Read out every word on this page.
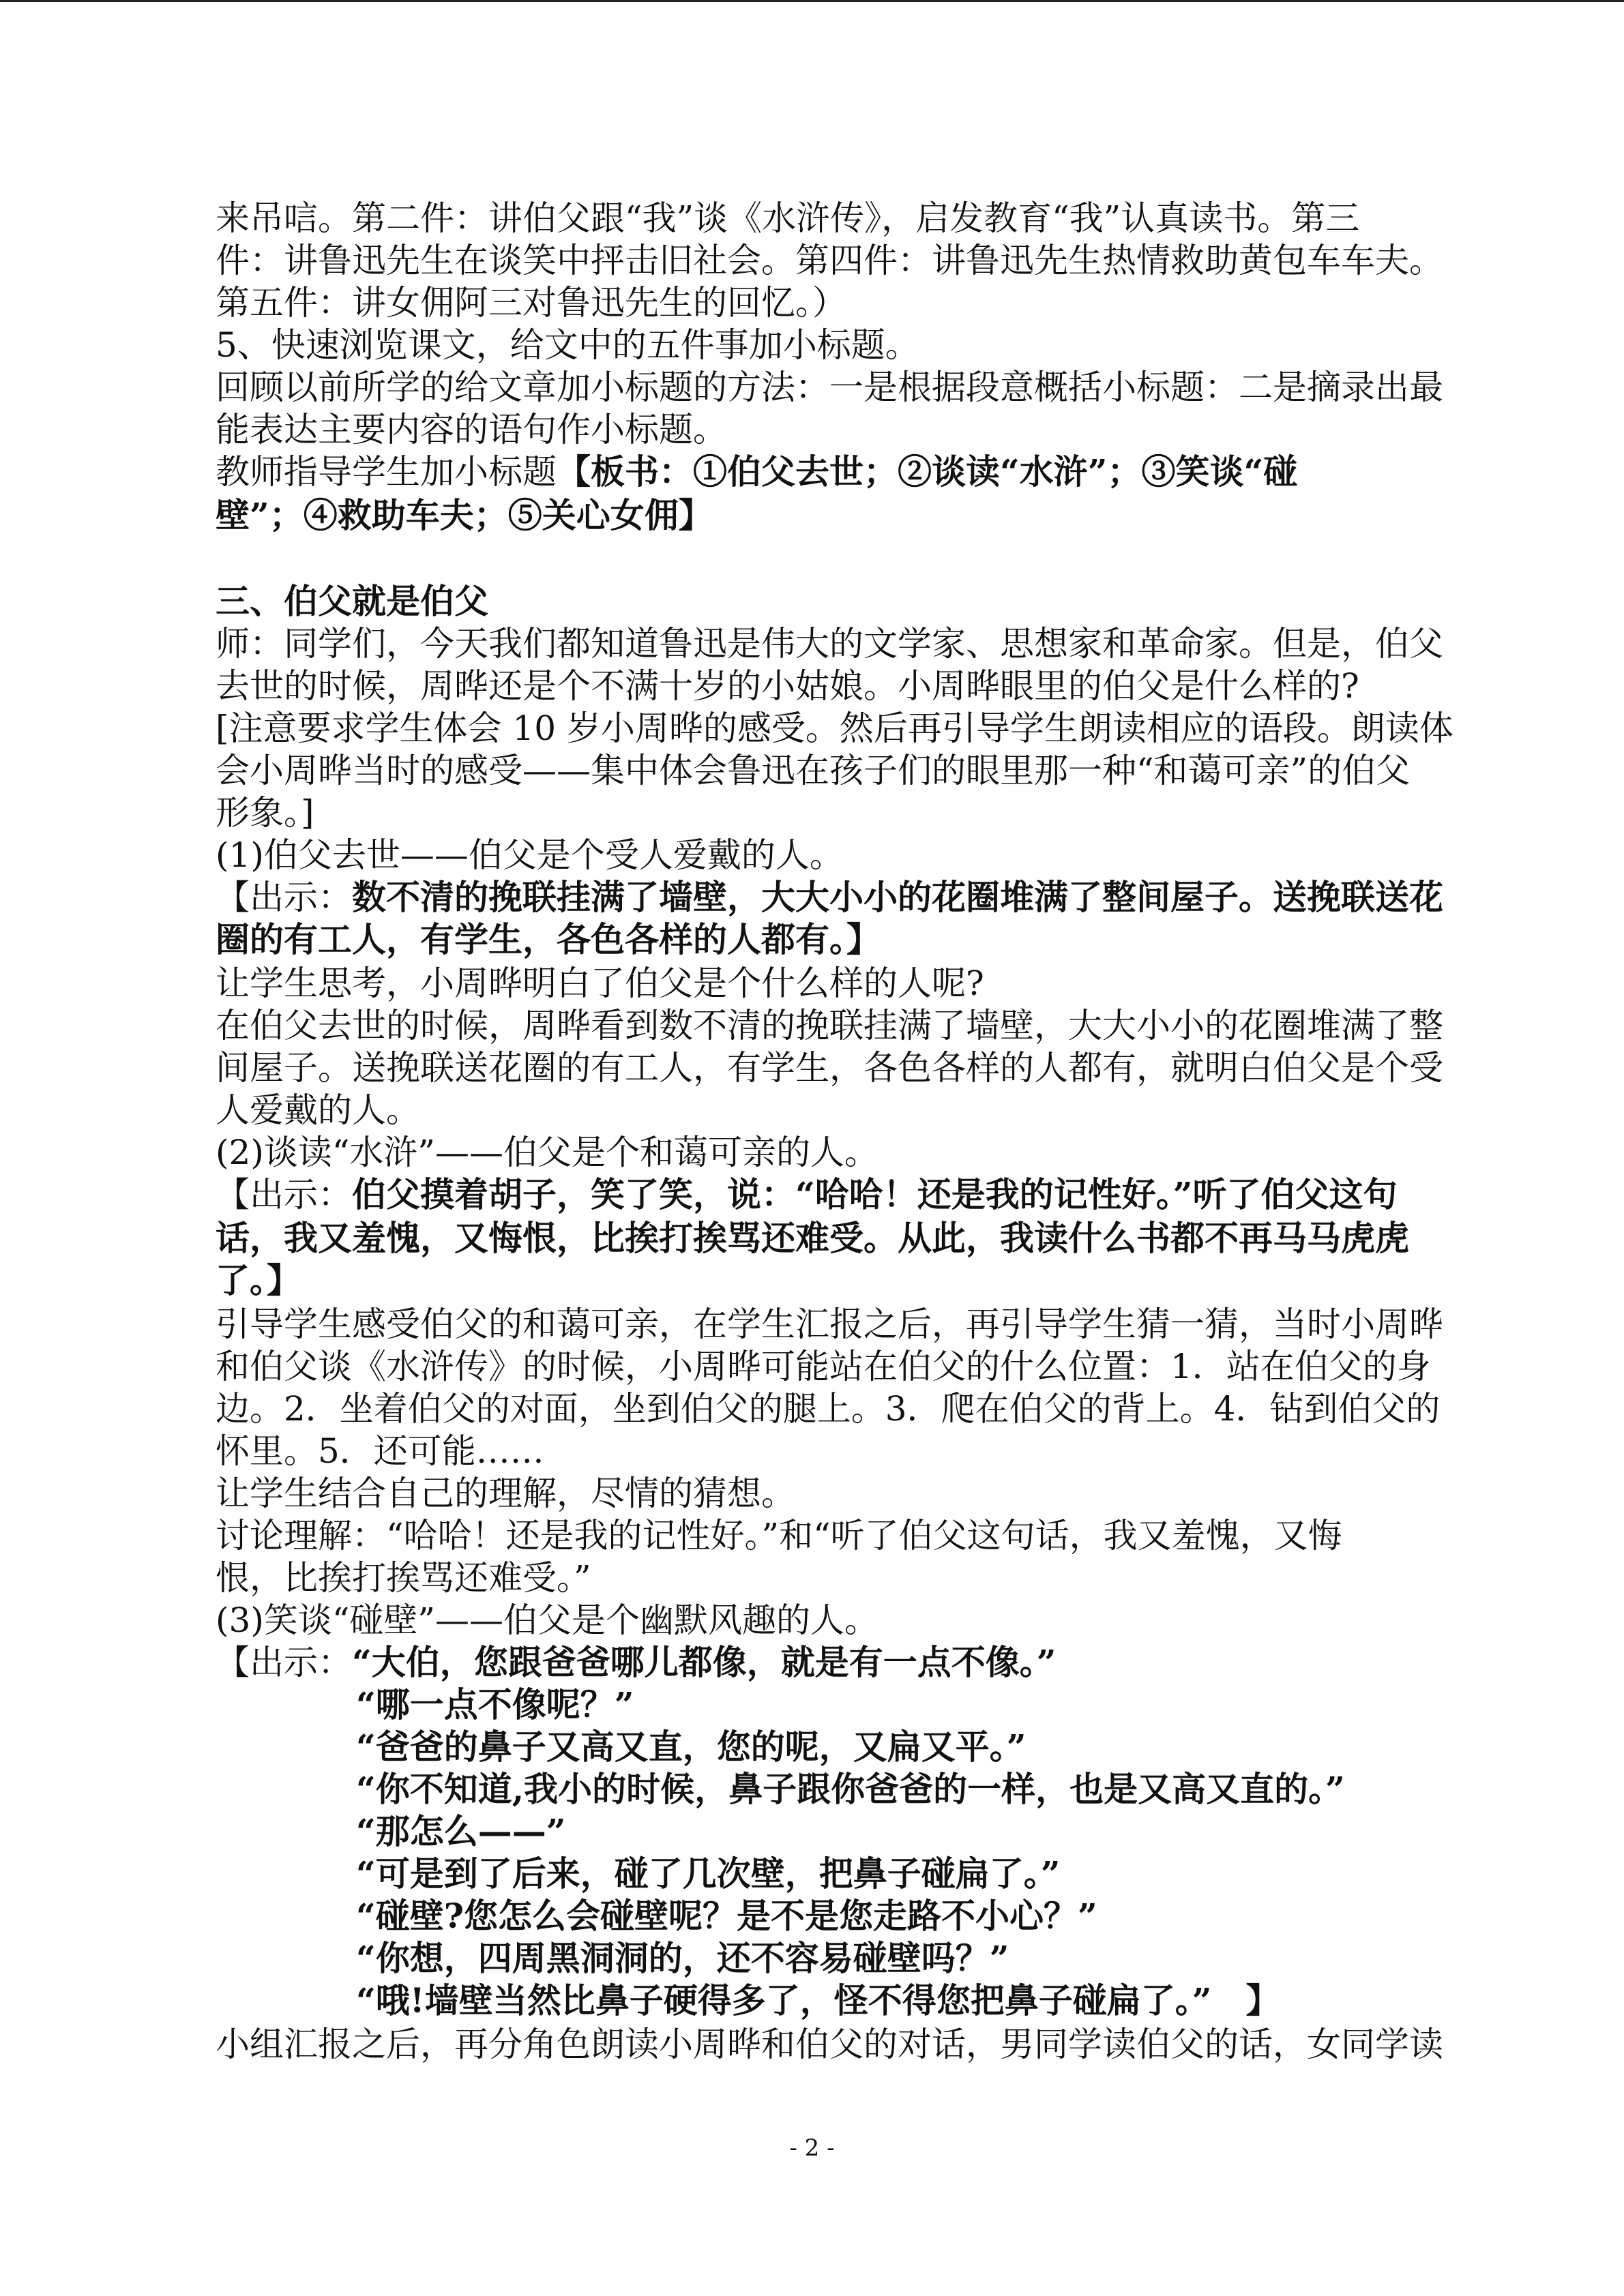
来吊唁。第二件：讲伯父跟“我”谈《水浒传》，启发教育“我”认真读书。第三
件：讲鲁迅先生在谈笑中抨击旧社会。第四件：讲鲁迅先生热情救助黄包车车夫。
第五件：讲女佣阿三对鲁迅先生的回忆。）
5、快速浏览课文，给文中的五件事加小标题。
回顾以前所学的给文章加小标题的方法：一是根据段意概括小标题：二是摘录出最
能表达主要内容的语句作小标题。
教师指导学生加小标题【板书：①伯父去世；②谈读“水浒”；③笑谈“碰
壁”；④救助车夫；⑤关心女佣】
三、伯父就是伯父
师：同学们，今天我们都知道鲁迅是伟大的文学家、思想家和革命家。但是，伯父
去世的时候，周晔还是个不满十岁的小姑娘。小周晔眼里的伯父是什么样的?
[注意要求学生体会 10 岁小周晔的感受。然后再引导学生朗读相应的语段。朗读体
会小周晔当时的感受——集中体会鲁迅在孩子们的眼里那一种“和蔼可亲”的伯父
形象。]
(1)伯父去世——伯父是个受人爱戴的人。
【出示：数不清的挽联挂满了墙壁，大大小小的花圈堆满了整间屋子。送挽联送花
圈的有工人，有学生，各色各样的人都有。】
让学生思考，小周晔明白了伯父是个什么样的人呢?
在伯父去世的时候，周晔看到数不清的挽联挂满了墙壁，大大小小的花圈堆满了整
间屋子。送挽联送花圈的有工人，有学生，各色各样的人都有，就明白伯父是个受
人爱戴的人。
(2)谈读“水浒”——伯父是个和蔼可亲的人。
【出示：伯父摸着胡子，笑了笑，说：“哈哈！还是我的记性好。”听了伯父这句
话，我又羞愧，又悔恨，比挨打挨骂还难受。从此，我读什么书都不再马马虎虎
了。】
引导学生感受伯父的和蔼可亲，在学生汇报之后，再引导学生猜一猜，当时小周晔
和伯父谈《水浒传》的时候，小周晔可能站在伯父的什么位置：1．站在伯父的身
边。2．坐着伯父的对面，坐到伯父的腿上。3．爬在伯父的背上。4．钻到伯父的
怀里。5．还可能……
让学生结合自己的理解，尽情的猜想。
讨论理解：“哈哈！还是我的记性好。”和“听了伯父这句话，我又羞愧，又悔
恨，比挨打挨骂还难受。”
(3)笑谈“碰壁”——伯父是个幽默风趣的人。
【出示：“大伯，您跟爸爸哪儿都像，就是有一点不像。”
“哪一点不像呢？”
“爸爸的鼻子又高又直，您的呢，又扁又平。”
“你不知道,我小的时候，鼻子跟你爸爸的一样，也是又高又直的。”
“那怎么——”
“可是到了后来，碰了几次壁，把鼻子碰扁了。”
“碰壁?您怎么会碰壁呢？是不是您走路不小心？”
“你想，四周黑洞洞的，还不容易碰壁吗？”
“哦!墙壁当然比鼻子硬得多了，怪不得您把鼻子碰扁了。”　】
小组汇报之后，再分角色朗读小周晔和伯父的对话，男同学读伯父的话，女同学读
- 2 -
